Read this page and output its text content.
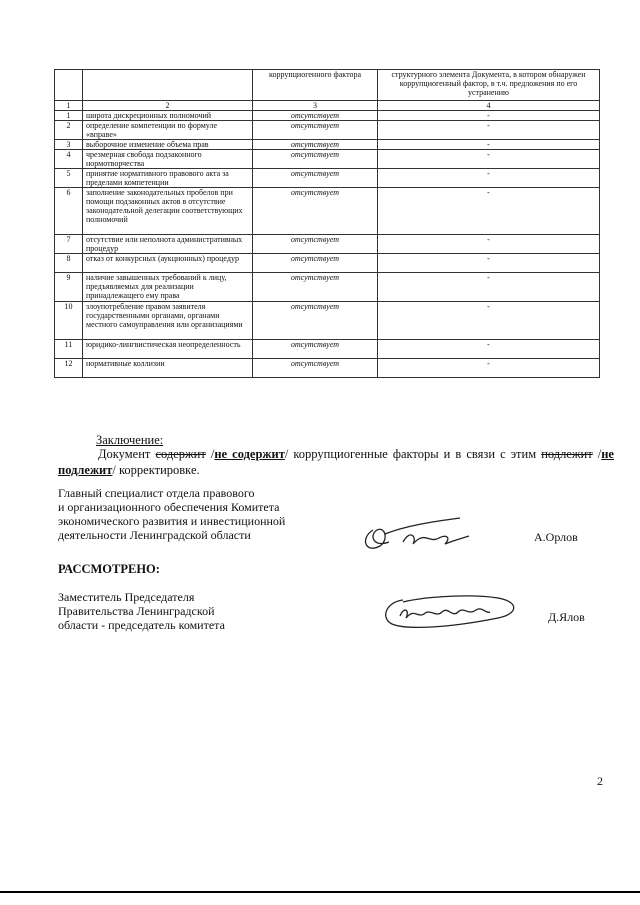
		коррупциогенного фактора	структурного элемента Документа, в котором обнаружен коррупциогенный фактор, в т.ч. предложения по его устранению
1	2	3	4
1	широта дискреционных полномочий	отсутствует	-
2	определение компетенции по формуле «вправе»	отсутствует	-
3	выборочное изменение объема прав	отсутствует	-
4	чрезмерная свобода подзаконного нормотворчества	отсутствует	-
5	принятие нормативного правового акта за пределами компетенции	отсутствует	-
6	заполнение законодательных пробелов при помощи подзаконных актов в отсутствие законодательной делегации соответствующих полномочий	отсутствует	-
7	отсутствие или неполнота административных процедур	отсутствует	-
8	отказ от конкурсных (аукционных) процедур	отсутствует	-
9	наличие завышенных требований к лицу, предъявляемых для реализации принадлежащего ему права	отсутствует	-
10	злоупотребление правом заявителя государственными органами, органами местного самоуправления или организациями	отсутствует	-
11	юридико-лингвистическая неопределенность	отсутствует	-
12	нормативные коллизии	отсутствует	-
Заключение:
Документ содержит /не содержит/ коррупциогенные факторы и в связи с этим подлежит /не подлежит/ корректировке.
Главный специалист отдела правового
и организационного обеспечения Комитета
экономического развития и инвестиционной
деятельности Ленинградской области	А.Орлов
РАССМОТРЕНО:
Заместитель Председателя
Правительства Ленинградской
области - председатель комитета
Д.Ялов
2
